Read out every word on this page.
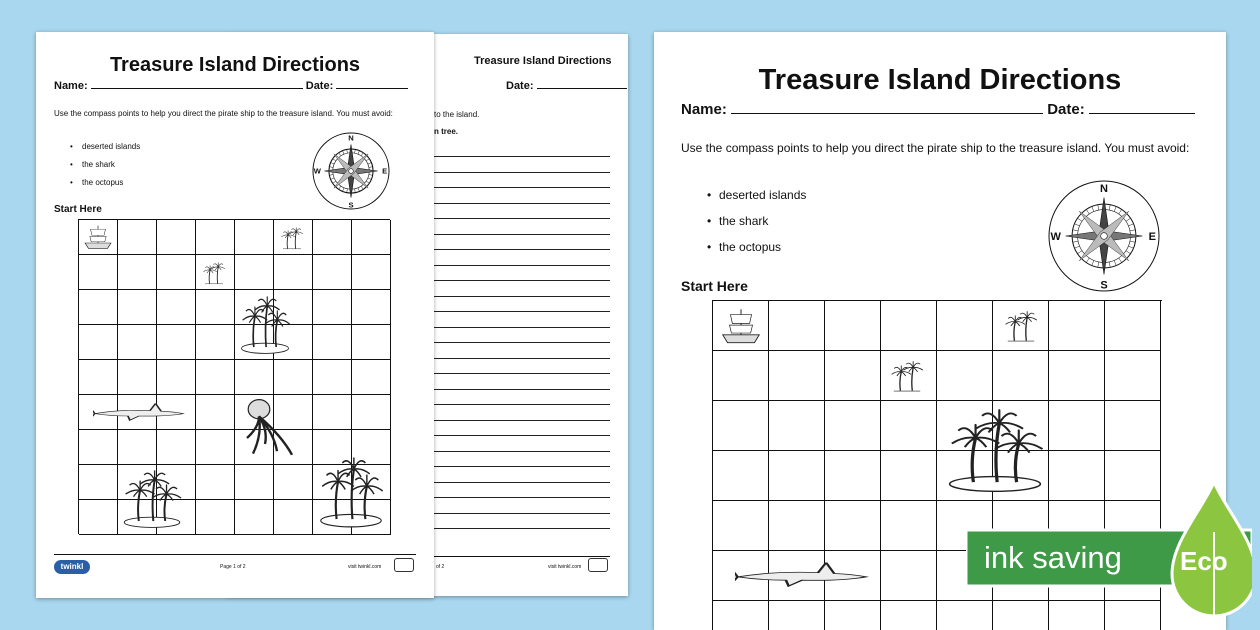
Treasure Island Directions
Date:
to the island.
n tree.
of 2	visit twinkl.com
Treasure Island Directions
Name:	Date:
Use the compass points to help you direct the pirate ship to the treasure island. You must avoid:
• deserted islands
• the shark
• the octopus
N
S
E
W
Start Here
twinkl	Page 1 of 2	visit twinkl.com
Treasure Island Directions
Name:	Date:
Use the compass points to help you direct the pirate ship to the treasure island. You must avoid:
• deserted islands
• the shark
• the octopus
N
S
E
W
Start Here
ink saving Eco
